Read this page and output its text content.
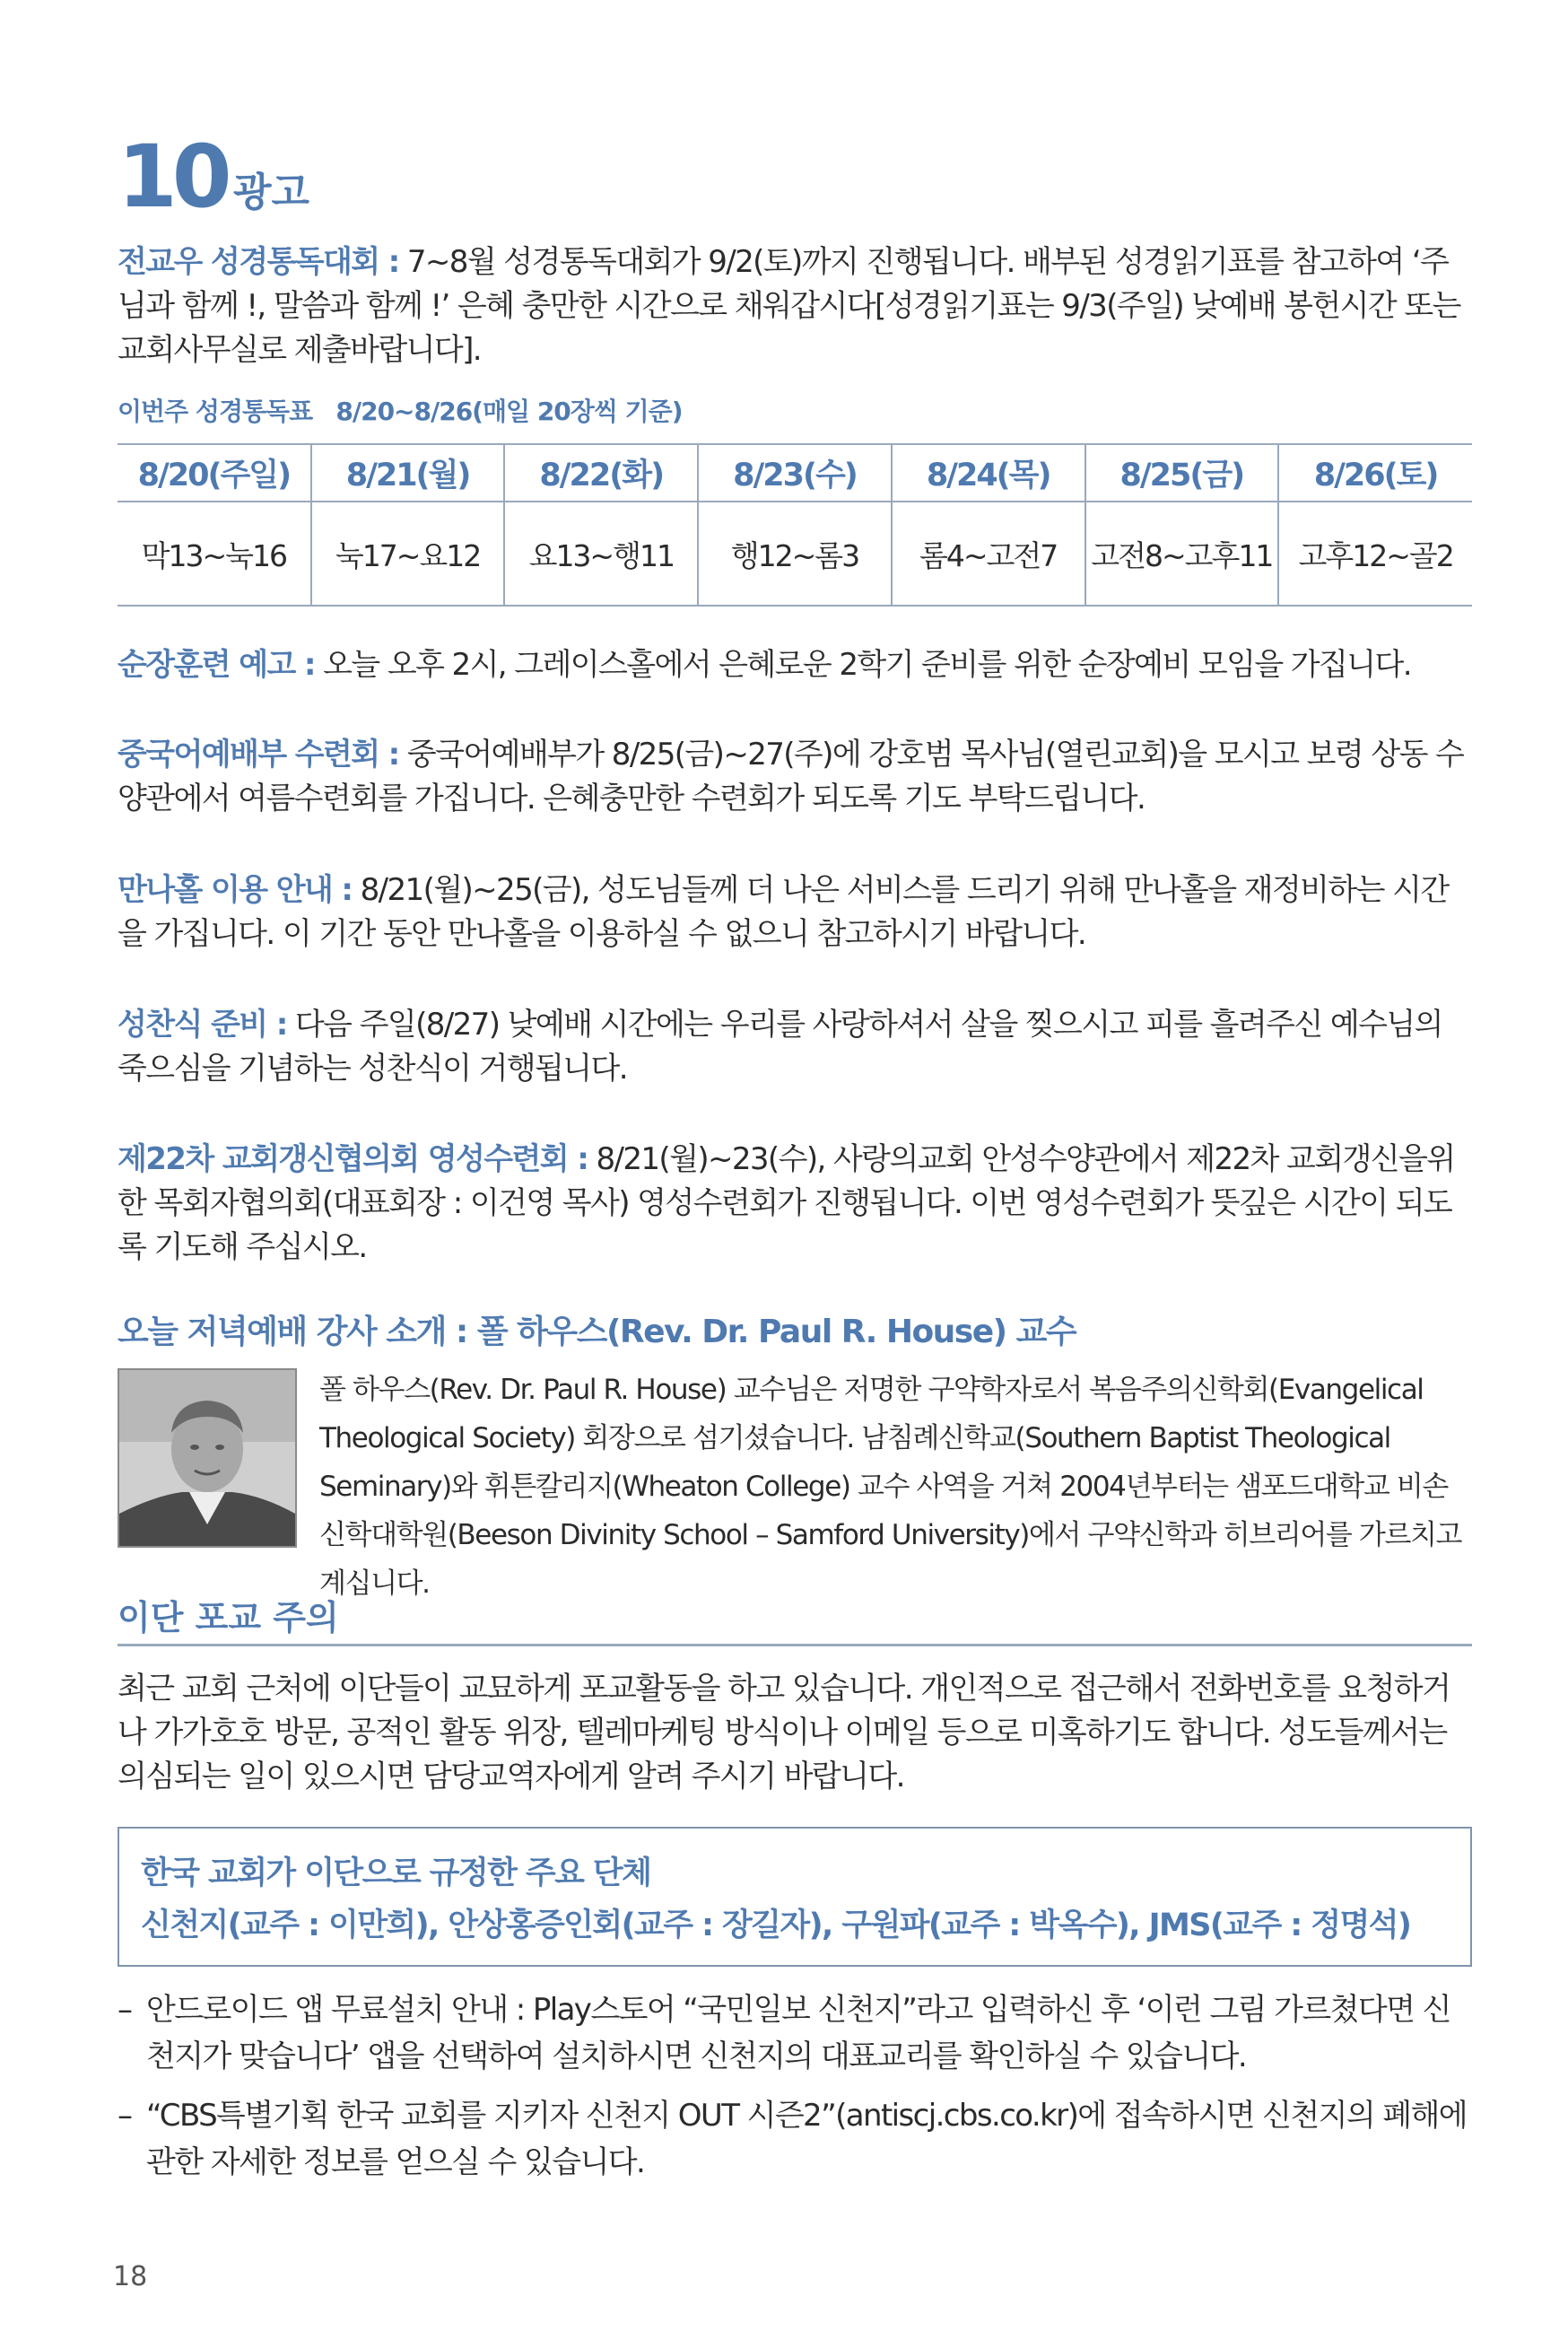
10 광고
전교우 성경통독대회 : 7~8월 성경통독대회가 9/2(토)까지 진행됩니다. 배부된 성경읽기표를 참고하여 ‘주님과 함께 !, 말씀과 함께 !’ 은혜 충만한 시간으로 채워갑시다[성경읽기표는 9/3(주일) 낮예배 봉헌시간 또는 교회사무실로 제출바랍니다].
이번주 성경통독표   8/20~8/26(매일 20장씩 기준)
8/20(주일)	8/21(월)	8/22(화)	8/23(수)	8/24(목)	8/25(금)	8/26(토)
막13~눅16	눅17~요12	요13~행11	행12~롬3	롬4~고전7	고전8~고후11	고후12~골2
순장훈련 예고 : 오늘 오후 2시, 그레이스홀에서 은혜로운 2학기 준비를 위한 순장예비 모임을 가집니다.
중국어예배부 수련회 : 중국어예배부가 8/25(금)~27(주)에 강호범 목사님(열린교회)을 모시고 보령 상동 수양관에서 여름수련회를 가집니다. 은혜충만한 수련회가 되도록 기도 부탁드립니다.
만나홀 이용 안내 : 8/21(월)~25(금), 성도님들께 더 나은 서비스를 드리기 위해 만나홀을 재정비하는 시간을 가집니다. 이 기간 동안 만나홀을 이용하실 수 없으니 참고하시기 바랍니다.
성찬식 준비 : 다음 주일(8/27) 낮예배 시간에는 우리를 사랑하셔서 살을 찢으시고 피를 흘려주신 예수님의 죽으심을 기념하는 성찬식이 거행됩니다.
제22차 교회갱신협의회 영성수련회 : 8/21(월)~23(수), 사랑의교회 안성수양관에서 제22차 교회갱신을위한 목회자협의회(대표회장 : 이건영 목사) 영성수련회가 진행됩니다. 이번 영성수련회가 뜻깊은 시간이 되도록 기도해 주십시오.
오늘 저녁예배 강사 소개 : 폴 하우스(Rev. Dr. Paul R. House) 교수
폴 하우스(Rev. Dr. Paul R. House) 교수님은 저명한 구약학자로서 복음주의신학회(Evangelical Theological Society) 회장으로 섬기셨습니다. 남침례신학교(Southern Baptist Theological Seminary)와 휘튼칼리지(Wheaton College) 교수 사역을 거쳐 2004년부터는 샘포드대학교 비손신학대학원(Beeson Divinity School – Samford University)에서 구약신학과 히브리어를 가르치고 계십니다.
이단 포교 주의
최근 교회 근처에 이단들이 교묘하게 포교활동을 하고 있습니다. 개인적으로 접근해서 전화번호를 요청하거나 가가호호 방문, 공적인 활동 위장, 텔레마케팅 방식이나 이메일 등으로 미혹하기도 합니다. 성도들께서는 의심되는 일이 있으시면 담당교역자에게 알려 주시기 바랍니다.
한국 교회가 이단으로 규정한 주요 단체
신천지(교주 : 이만희), 안상홍증인회(교주 : 장길자), 구원파(교주 : 박옥수), JMS(교주 : 정명석)
– 안드로이드 앱 무료설치 안내 : Play스토어 “국민일보 신천지”라고 입력하신 후 ‘이런 그림 가르쳤다면 신천지가 맞습니다’ 앱을 선택하여 설치하시면 신천지의 대표교리를 확인하실 수 있습니다.
– “CBS특별기획 한국 교회를 지키자 신천지 OUT 시즌2”(antiscj.cbs.co.kr)에 접속하시면 신천지의 폐해에 관한 자세한 정보를 얻으실 수 있습니다.
18
